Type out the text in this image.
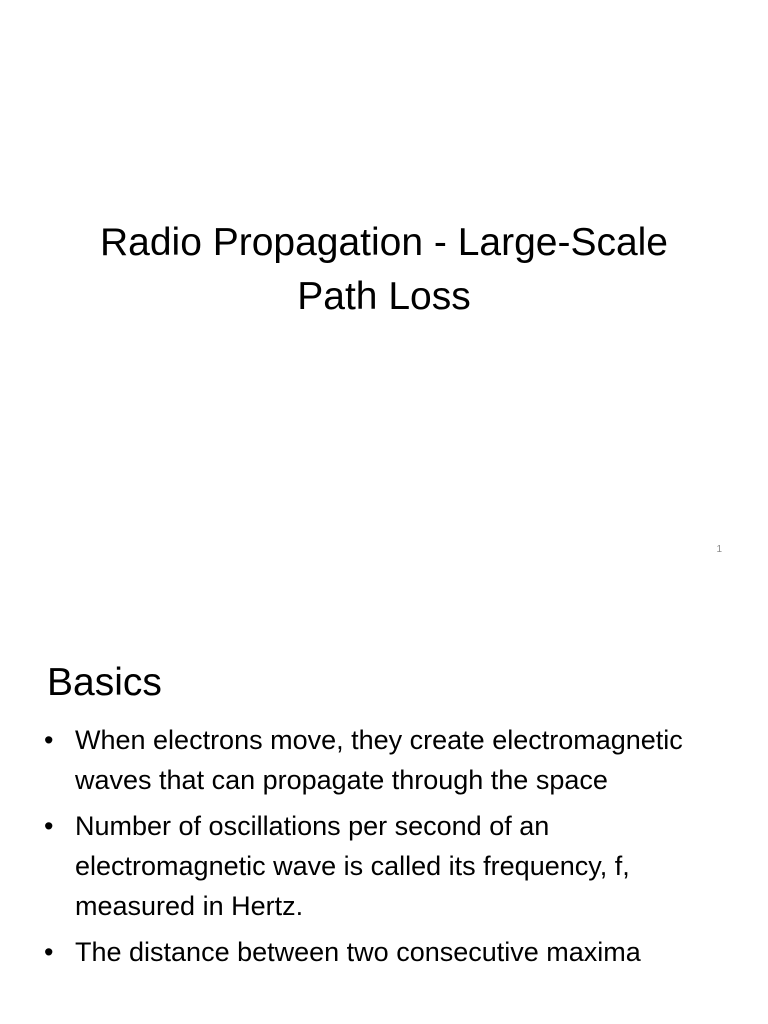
Radio Propagation - Large-Scale
Path Loss
1
Basics
• When electrons move, they create electromagnetic waves that can propagate through the space
• Number of oscillations per second of an electromagnetic wave is called its frequency, f, measured in Hertz.
• The distance between two consecutive maxima
